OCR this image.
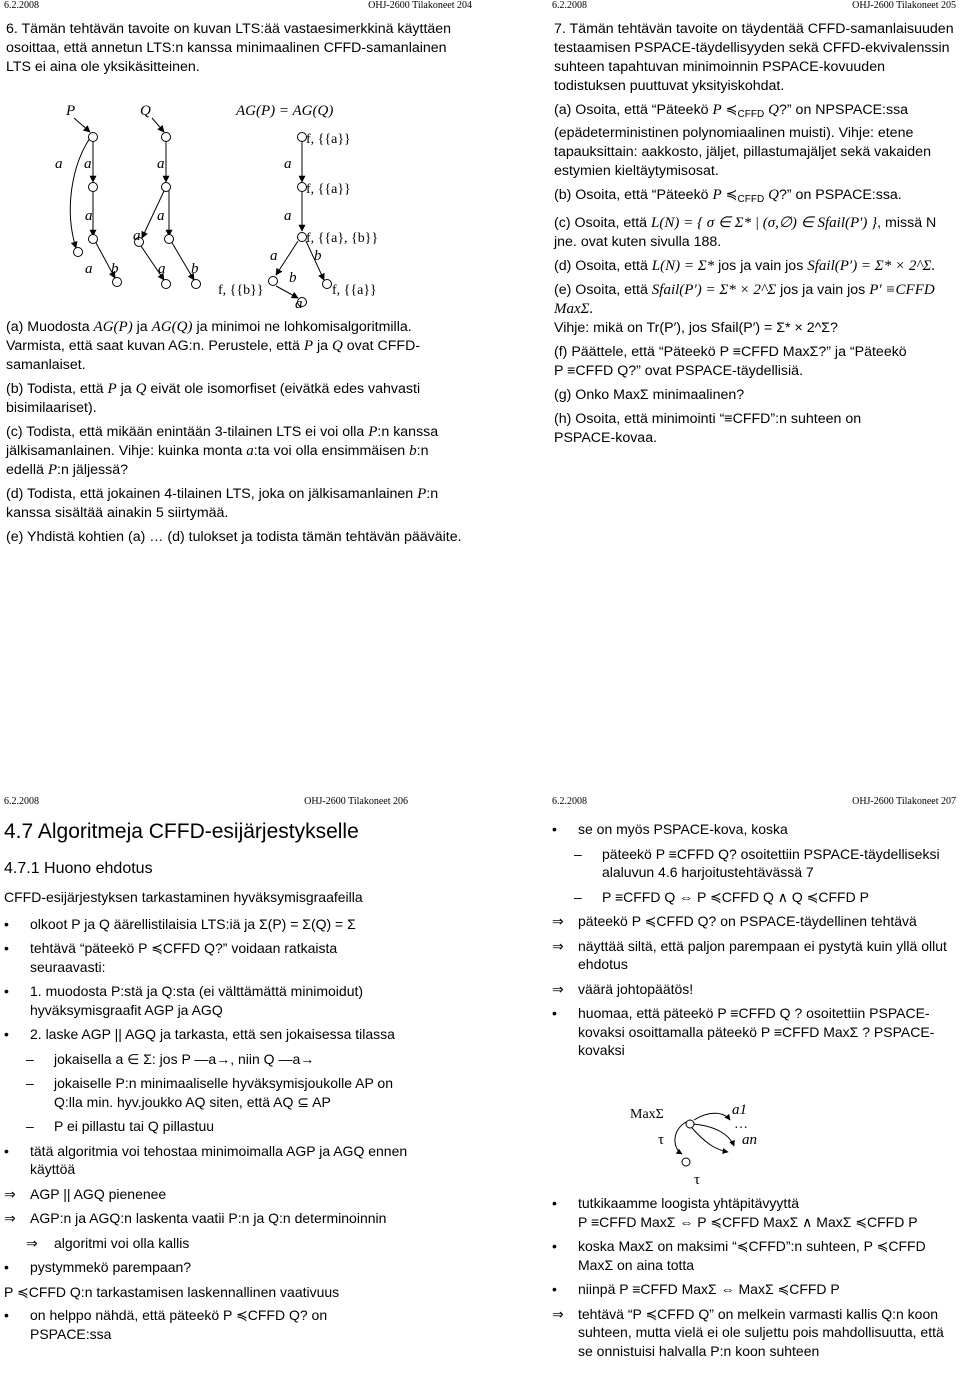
6.2.2008	OHJ-2600 Tilakoneet 204

6. Tämän tehtävän tavoite on kuvan LTS:ää vastaesimerkkinä käyttäen osoittaa, että annetun LTS:n kanssa minimaalinen CFFD-samanlainen LTS ei aina ole yksikäsitteinen.

P	Q	AG(P) = AG(Q)
a a
a
a b
a
a
a
a b
a
a
a b
b
a
f, {{a}}
f, {{a}}
f, {{a}, {b}}
f, {{b}}	f, {{a}}

(a) Muodosta AG(P) ja AG(Q) ja minimoi ne lohkomisalgoritmilla. Varmista, että saat kuvan AG:n. Perustele, että P ja Q ovat CFFD-samanlaiset.

(b) Todista, että P ja Q eivät ole isomorfiset (eivätkä edes vahvasti bisimilaariset).

(c) Todista, että mikään enintään 3-tilainen LTS ei voi olla P:n kanssa jälkisamanlainen. Vihje: kuinka monta a:ta voi olla ensimmäisen b:n edellä P:n jäljessä?

(d) Todista, että jokainen 4-tilainen LTS, joka on jälkisamanlainen P:n kanssa sisältää ainakin 5 siirtymää.

(e) Yhdistä kohtien (a) … (d) tulokset ja todista tämän tehtävän pääväite.

6.2.2008	OHJ-2600 Tilakoneet 205

7. Tämän tehtävän tavoite on täydentää CFFD-samanlaisuuden testaamisen PSPACE-täydellisyyden sekä CFFD-ekvivalenssin suhteen tapahtuvan minimoinnin PSPACE-kovuuden todistuksen puuttuvat yksityiskohdat.

(a) Osoita, että “Päteekö P $≼_{CFFD}$ Q?” on NPSPACE:ssa (epädeterministinen polynomiaalinen muisti). Vihje: etene tapauksittain: aakkosto, jäljet, pillastumajäljet sekä vakaiden estymien kieltäytymisosat.

(b) Osoita, että “Päteekö P $≼_{CFFD}$ Q?” on PSPACE:ssa.

(c) Osoita, että L(N) = { σ ∈ Σ* | (σ,∅) ∈ Sfail(P′) }, missä N jne. ovat kuten sivulla 188.

(d) Osoita, että L(N) = Σ* jos ja vain jos Sfail(P′) = Σ* × 2^Σ.

(e) Osoita, että Sfail(P′) = Σ* × 2^Σ jos ja vain jos P′ ≡CFFD MaxΣ.
Vihje: mikä on Tr(P′), jos Sfail(P′) = Σ* × 2^Σ?

(f) Päättele, että “Päteekö P ≡CFFD MaxΣ?” ja “Päteekö
P ≡CFFD Q?” ovat PSPACE-täydellisiä.

(g) Onko MaxΣ minimaalinen?

(h) Osoita, että minimointi “≡CFFD”:n suhteen on
PSPACE-kovaa.

6.2.2008	OHJ-2600 Tilakoneet 206
4.7 Algoritmeja CFFD-esijärjestykselle
4.7.1 Huono ehdotus

CFFD-esijärjestyksen tarkastaminen hyväksymisgraafeilla

•	olkoot P ja Q äärellistilaisia LTS:iä ja Σ(P) = Σ(Q) = Σ
•	tehtävä “päteekö P ≼CFFD Q?” voidaan ratkaista seuraavasti:
•	1. muodosta P:stä ja Q:sta (ei välttämättä minimoidut) hyväksymisgraafit AGP ja AGQ
•	2. laske AGP || AGQ ja tarkasta, että sen jokaisessa tilassa
–	jokaisella a ∈ Σ: jos P —a→, niin Q —a→
–	jokaiselle P:n minimaaliselle hyväksymisjoukolle AP on Q:lla min. hyv.joukko AQ siten, että AQ ⊆ AP
–	P ei pillastu tai Q pillastuu
•	tätä algoritmia voi tehostaa minimoimalla AGP ja AGQ ennen käyttöä
⇒	AGP || AGQ pienenee
⇒	AGP:n ja AGQ:n laskenta vaatii P:n ja Q:n determinoinnin
⇒	algoritmi voi olla kallis
•	pystymmekö parempaan?

P ≼CFFD Q:n tarkastamisen laskennallinen vaativuus

•	on helppo nähdä, että päteekö P ≼CFFD Q? on PSPACE:ssa
6.2.2008	OHJ-2600 Tilakoneet 207
•	se on myös PSPACE-kova, koska
–	päteekö P ≡CFFD Q? osoitettiin PSPACE-täydelliseksi alaluvun 4.6 harjoitustehtävässä 7
–	P ≡CFFD Q ⇔ P ≼CFFD Q ∧ Q ≼CFFD P
⇒	päteekö P ≼CFFD Q? on PSPACE-täydellinen tehtävä
⇒	näyttää siltä, että paljon parempaan ei pystytä kuin yllä ollut ehdotus
⇒	väärä johtopäätös!
•	huomaa, että päteekö P ≡CFFD Q ? osoitettiin PSPACE-kovaksi osoittamalla päteekö P ≡CFFD MaxΣ ? PSPACE-kovaksi
MaxΣ	a1
an
τ
τ
…
•	tutkikaamme loogista yhtäpitävyyttä
P ≡CFFD MaxΣ ⇔ P ≼CFFD MaxΣ ∧ MaxΣ ≼CFFD P
•	koska MaxΣ on maksimi “≼CFFD”:n suhteen, P ≼CFFD MaxΣ on aina totta
•	niinpä P ≡CFFD MaxΣ ⇔ MaxΣ ≼CFFD P
⇒	tehtävä “P ≼CFFD Q” on melkein varmasti kallis Q:n koon suhteen, mutta vielä ei ole suljettu pois mahdollisuutta, että se onnistuisi halvalla P:n koon suhteen
